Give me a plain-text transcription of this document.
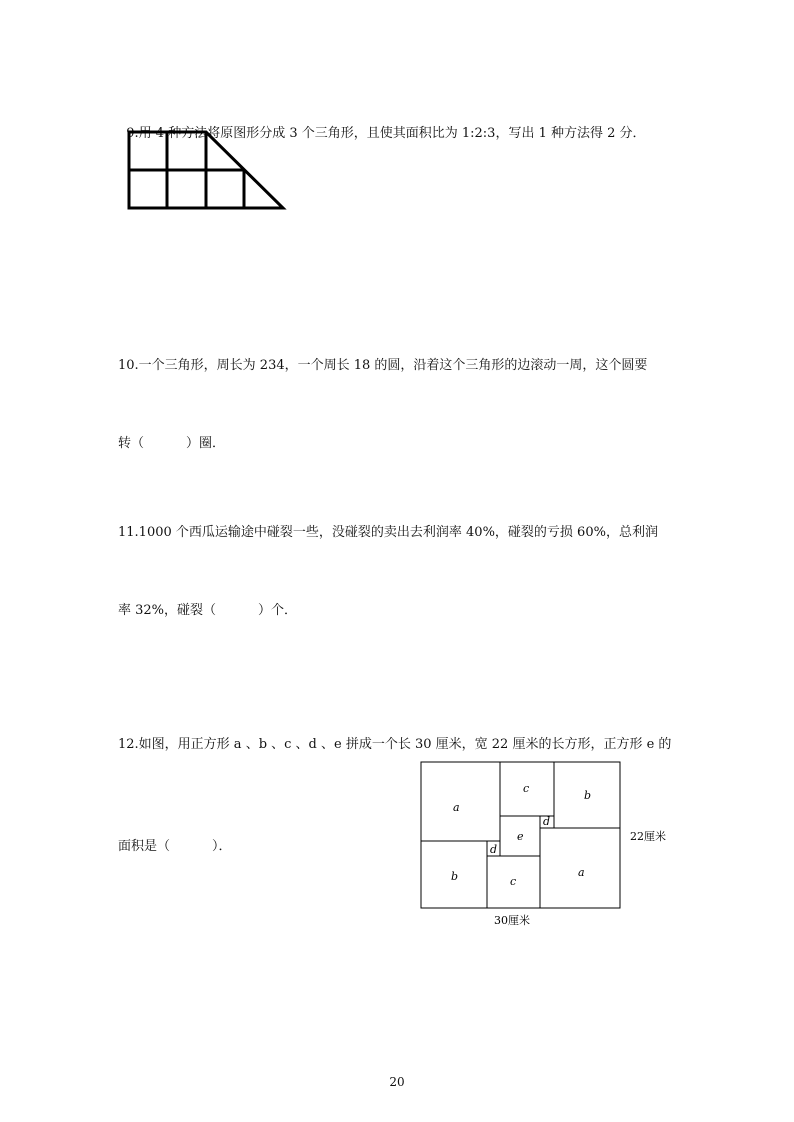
9.用 4 种方法将原图形分成 3 个三角形，且使其面积比为 1:2:3，写出 1 种方法得 2 分．

10.一个三角形，周长为 234，一个周长 18 的圆，沿着这个三角形的边滚动一周，这个圆要

转（	）圈．

11.1000 个西瓜运输途中碰裂一些，没碰裂的卖出去利润率 40%，碰裂的亏损 60%，总利润

率 32%，碰裂（	）个．

12.如图，用正方形 a 、b 、c 、d 、e 拼成一个长 30 厘米，宽 22 厘米的长方形，正方形 e 的

面积是（	）．

a
c
b
d
e
d
b	c
a
22厘米
30厘米
20
